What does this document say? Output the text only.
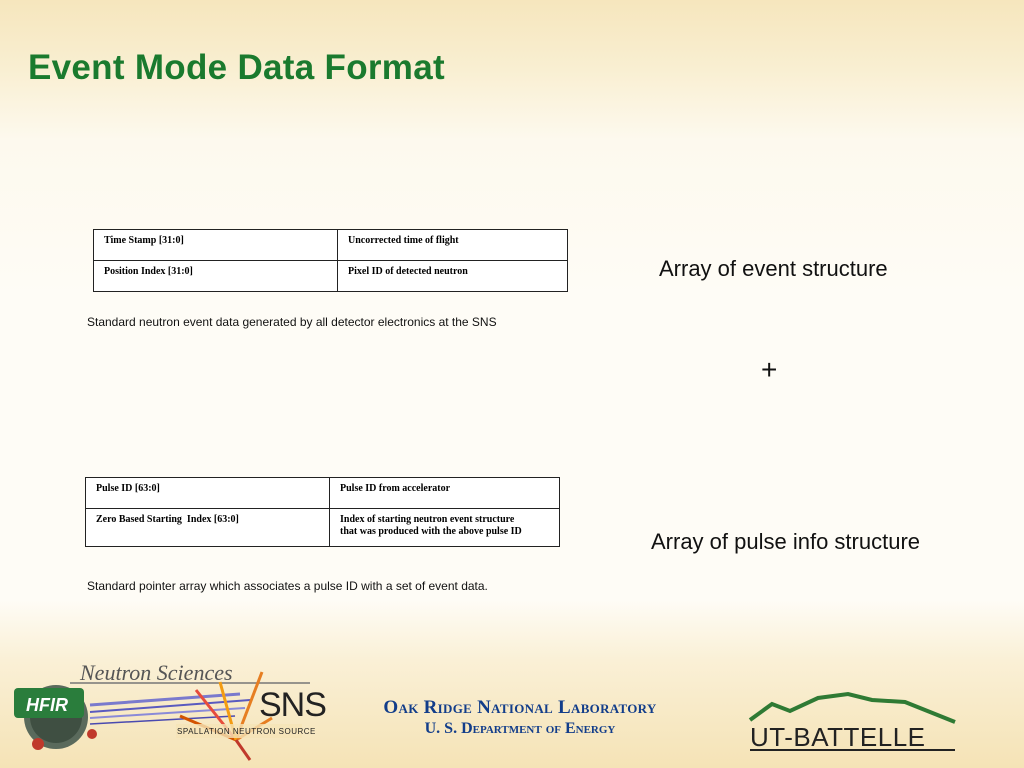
Event Mode Data Format
Time Stamp [31:0]	Uncorrected time of flight
Position Index [31:0]	Pixel ID of detected neutron
Standard neutron event data generated by all detector electronics at the SNS
Array of event structure
+
Pulse ID [63:0]	Pulse ID from accelerator
Zero Based Starting  Index [63:0]	Index of starting neutron event structure
that was produced with the above pulse ID
Standard pointer array which associates a pulse ID with a set of event data.
Array of pulse info structure
Neutron Sciences
HFIR	SNS
SPALLATION NEUTRON SOURCE
Oak Ridge National Laboratory
U. S. Department of Energy	UT-BATTELLE
